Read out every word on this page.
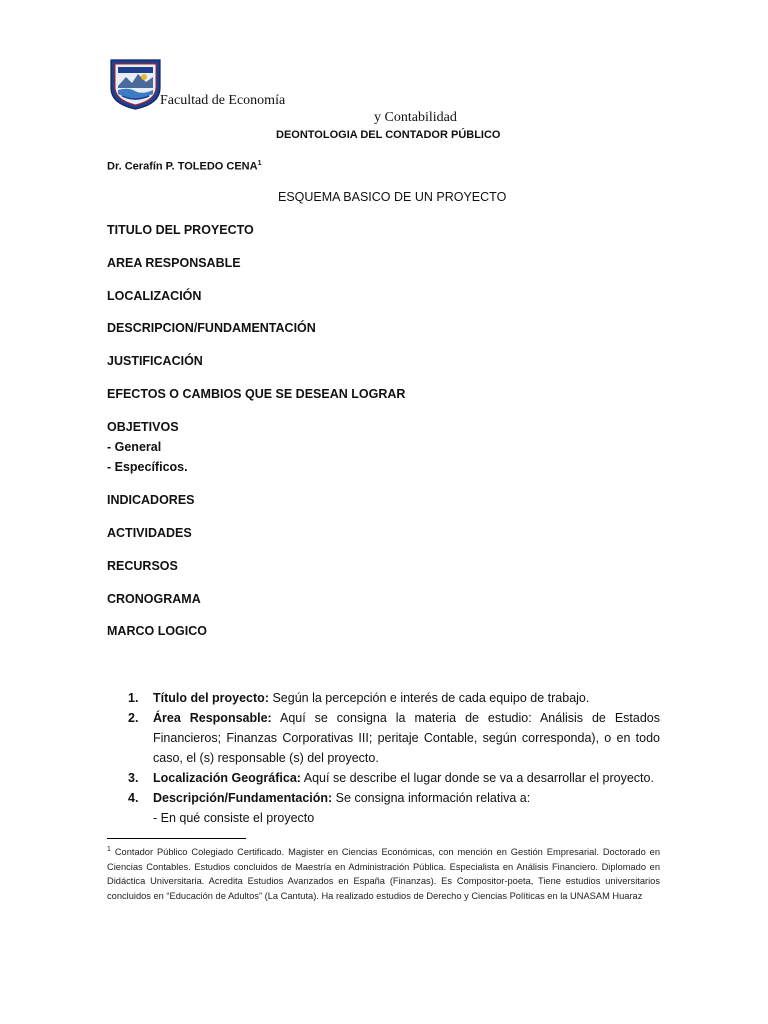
Facultad de Economía
y Contabilidad
DEONTOLOGIA DEL CONTADOR PÚBLICO
Dr. Cerafín P. TOLEDO CENA$^1$
ESQUEMA BASICO DE UN PROYECTO
TITULO DEL PROYECTO
AREA RESPONSABLE
LOCALIZACIÓN
DESCRIPCION/FUNDAMENTACIÓN
JUSTIFICACIÓN
EFECTOS O CAMBIOS QUE SE DESEAN LOGRAR
OBJETIVOS
- General
- Específicos.
INDICADORES
ACTIVIDADES
RECURSOS
CRONOGRAMA
MARCO LOGICO
1. Título del proyecto: Según la percepción e interés de cada equipo de trabajo.
2. Área Responsable: Aquí se consigna la materia de estudio: Análisis de Estados Financieros; Finanzas Corporativas III; peritaje Contable, según corresponda), o en todo caso, el (s) responsable (s) del proyecto.
3. Localización Geográfica: Aquí se describe el lugar donde se va a desarrollar el proyecto.
4. Descripción/Fundamentación: Se consigna información relativa a:
- En qué consiste el proyecto
$^1$ Contador Público Colegiado Certificado. Magister en Ciencias Económicas, con mención en Gestión Empresarial. Doctorado en Ciencias Contables. Estudios concluidos de Maestría en Administración Pública. Especialista en Análisis Financiero. Diplomado en Didáctica Universitaria. Acredita Estudios Avanzados en España (Finanzas). Es Compositor-poeta, Tiene estudios universitarios concluidos en “Educación de Adultos” (La Cantuta). Ha realizado estudios de Derecho y Ciencias Políticas en la UNASAM Huaraz
